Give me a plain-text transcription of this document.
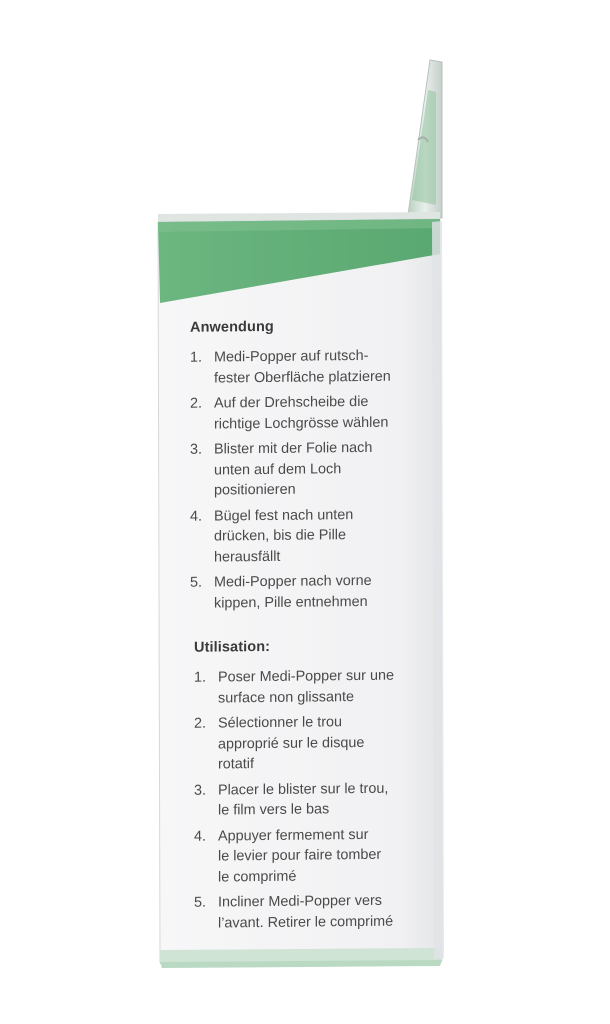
Anwendung
1. Medi-Popper auf rutsch-
fester Oberfläche platzieren
2. Auf der Drehscheibe die
richtige Lochgrösse wählen
3. Blister mit der Folie nach
unten auf dem Loch
positionieren
4. Bügel fest nach unten
drücken, bis die Pille
herausfällt
5. Medi-Popper nach vorne
kippen, Pille entnehmen
Utilisation:
1. Poser Medi-Popper sur une
surface non glissante
2. Sélectionner le trou
approprié sur le disque
rotatif
3. Placer le blister sur le trou,
le film vers le bas
4. Appuyer fermement sur
le levier pour faire tomber
le comprimé
5. Incliner Medi-Popper vers
l’avant. Retirer le comprimé
